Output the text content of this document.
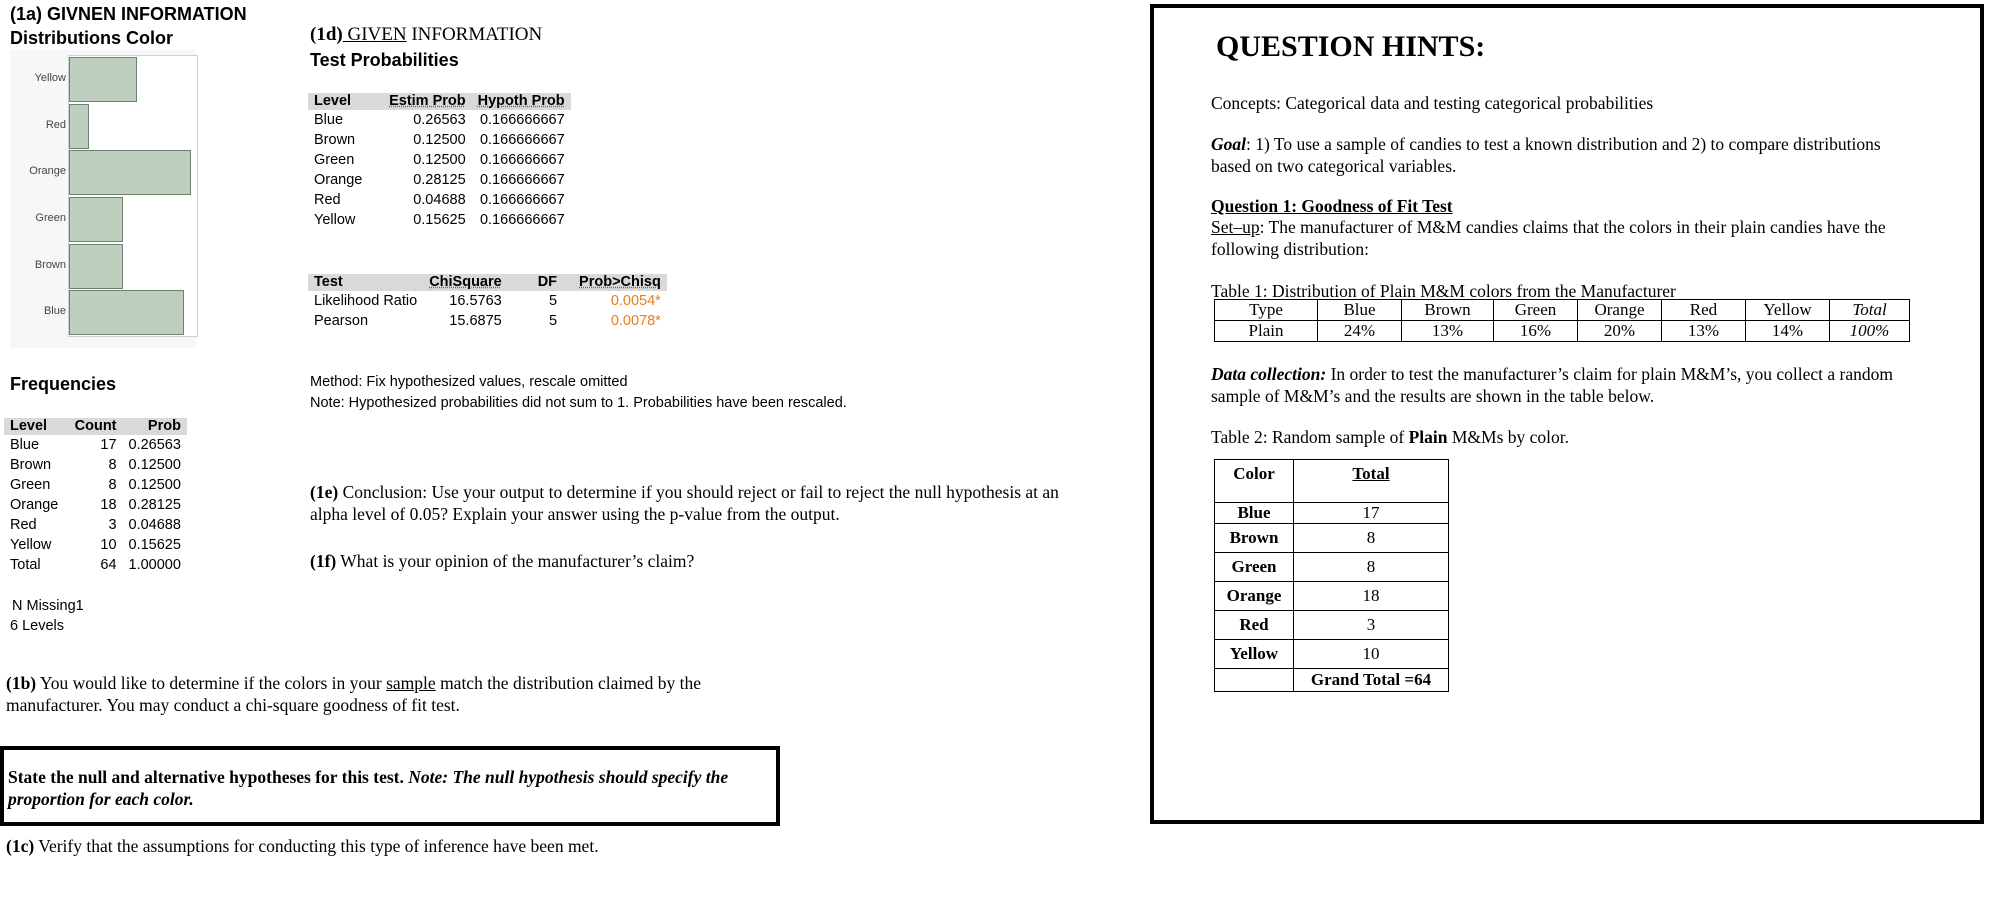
(1a) GIVNEN INFORMATION
Distributions Color
Yellow
Red
Orange
Green
Brown
Blue
Frequencies
Level	Count	Prob
Blue	17	0.26563
Brown	8	0.12500
Green	8	0.12500
Orange	18	0.28125
Red	3	0.04688
Yellow	10	0.15625
Total	64	1.00000
N Missing1
6 Levels
(1d) GIVEN INFORMATION
Test Probabilities
Level	Estim Prob	Hypoth Prob
Blue	0.26563	0.166666667
Brown	0.12500	0.166666667
Green	0.12500	0.166666667
Orange	0.28125	0.166666667
Red	0.04688	0.166666667
Yellow	0.15625	0.166666667
Test	ChiSquare	DF	Prob>Chisq
Likelihood Ratio	16.5763	5	0.0054*
Pearson	15.6875	5	0.0078*
Method: Fix hypothesized values, rescale omitted
Note: Hypothesized probabilities did not sum to 1. Probabilities have been rescaled.
(1e) Conclusion: Use your output to determine if you should reject or fail to reject the null hypothesis at an alpha level of 0.05? Explain your answer using the p-value from the output.
(1f) What is your opinion of the manufacturer’s claim?
(1b) You would like to determine if the colors in your sample match the distribution claimed by the manufacturer. You may conduct a chi-square goodness of fit test.
State the null and alternative hypotheses for this test. Note: The null hypothesis should specify the proportion for each color.
(1c) Verify that the assumptions for conducting this type of inference have been met.
QUESTION HINTS:
Concepts: Categorical data and testing categorical probabilities
Goal: 1) To use a sample of candies to test a known distribution and 2) to compare distributions based on two categorical variables.
Question 1: Goodness of Fit Test
Set–up: The manufacturer of M&M candies claims that the colors in their plain candies have the following distribution:
Table 1: Distribution of Plain M&M colors from the Manufacturer
Type	Blue	Brown	Green	Orange	Red	Yellow	Total
Plain	24%	13%	16%	20%	13%	14%	100%
Data collection: In order to test the manufacturer’s claim for plain M&M’s, you collect a random sample of M&M’s and the results are shown in the table below.
Table 2: Random sample of Plain M&Ms by color.
Color	Total
Blue	17
Brown	8
Green	8
Orange	18
Red	3
Yellow	10
	Grand Total =64
